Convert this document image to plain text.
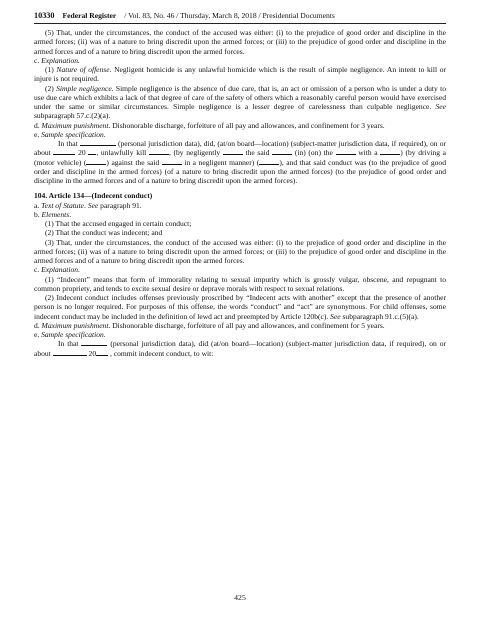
10330 Federal Register / Vol. 83, No. 46 / Thursday, March 8, 2018 / Presidential Documents

(5) That, under the circumstances, the conduct of the accused was either: (i) to the prejudice of good order and discipline in the armed forces; (ii) was of a nature to bring discredit upon the armed forces; or (iii) to the prejudice of good order and discipline in the armed forces and of a nature to bring discredit upon the armed forces.

c. Explanation.

(1) Nature of offense. Negligent homicide is any unlawful homicide which is the result of simple negligence. An intent to kill or injure is not required.

(2) Simple negligence. Simple negligence is the absence of due care, that is, an act or omission of a person who is under a duty to use due care which exhibits a lack of that degree of care of the safety of others which a reasonably careful person would have exercised under the same or similar circumstances. Simple negligence is a lesser degree of carelessness than culpable negligence. See subparagraph 57.c.(2)(a).

d. Maximum punishment. Dishonorable discharge, forfeiture of all pay and allowances, and confinement for 3 years.

e. Sample specification.

In that	(personal jurisdiction data), did, (at/on board—location) (subject-matter jurisdiction data, if required), on or about	20 , unlawfully kill	, (by negligently	the said	(in) (on) the	with a	) (by driving a (motor vehicle) (	) against the said	in a negligent manner) (	), and that said conduct was (to the prejudice of good order and discipline in the armed forces) (of a nature to bring discredit upon the armed forces) (to the prejudice of good order and discipline in the armed forces and of a nature to bring discredit upon the armed forces).

104. Article 134—(Indecent conduct)

a. Text of Statute. See paragraph 91.

b. Elements.

(1) That the accused engaged in certain conduct;

(2) That the conduct was indecent; and

(3) That, under the circumstances, the conduct of the accused was either: (i) to the prejudice of good order and discipline in the armed forces; (ii) was of a nature to bring discredit upon the armed forces; or (iii) to the prejudice of good order and discipline in the armed forces and of a nature to bring discredit upon the armed forces.

c. Explanation.

(1) “Indecent” means that form of immorality relating to sexual impurity which is grossly vulgar, obscene, and repugnant to common propriety, and tends to excite sexual desire or deprave morals with respect to sexual relations.

(2) Indecent conduct includes offenses previously proscribed by “Indecent acts with another” except that the presence of another person is no longer required. For purposes of this offense, the words “conduct” and “act” are synonymous. For child offenses, some indecent conduct may be included in the definition of lewd act and preempted by Article 120b(c). See subparagraph 91.c.(5)(a).

d. Maximum punishment. Dishonorable discharge, forfeiture of all pay and allowances, and confinement for 5 years.

e. Sample specification.

In that	(personal jurisdiction data), did (at/on board—location) (subject-matter jurisdiction data, if required), on or about	20 , commit indecent conduct, to wit:

425
